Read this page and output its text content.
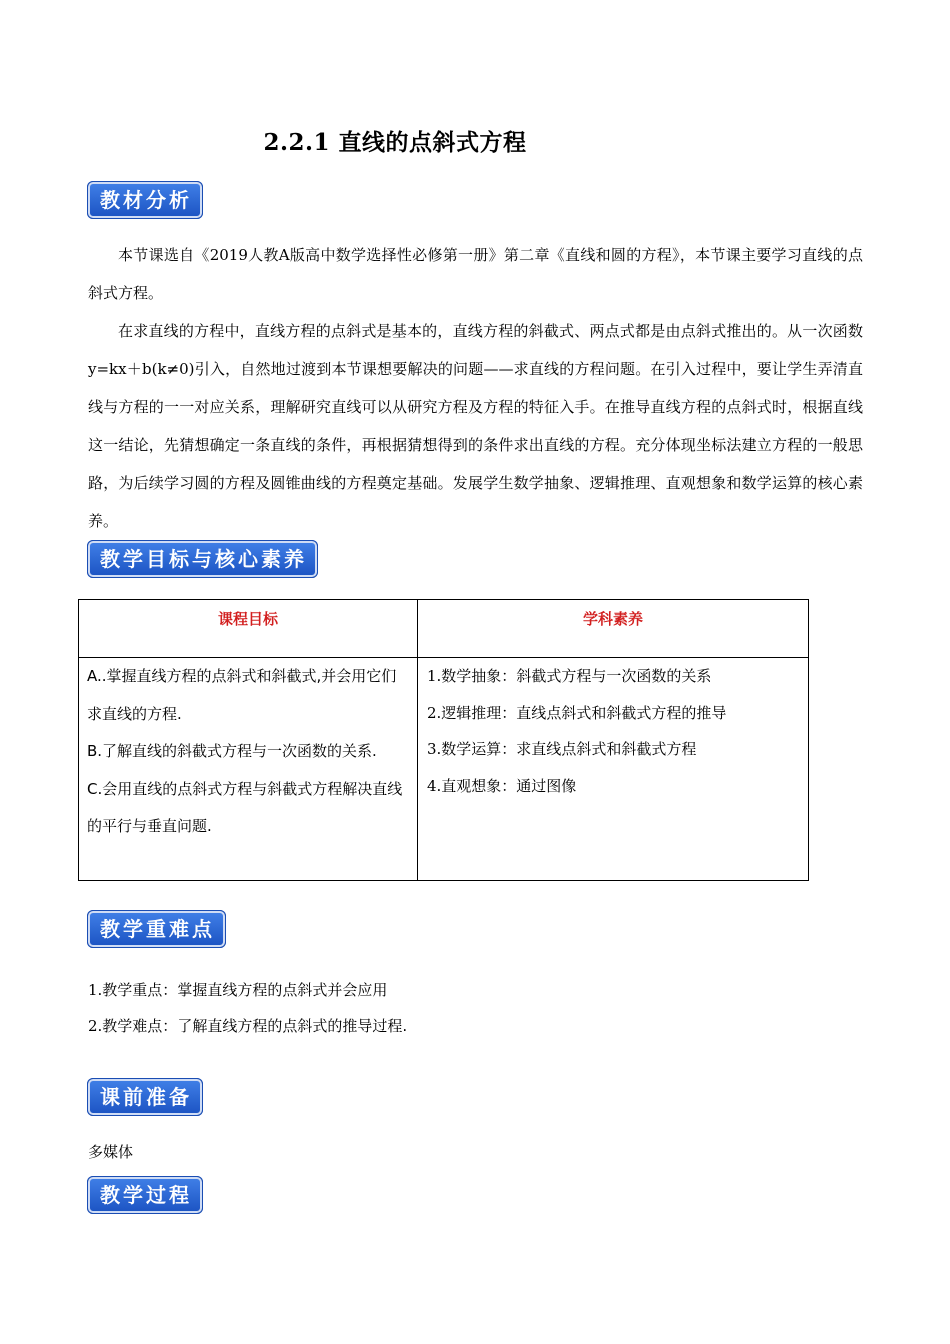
2.2.1 直线的点斜式方程
教材分析

本节课选自《2019人教A版高中数学选择性必修第一册》第二章《直线和圆的方程》，本节课主要学习直线的点斜式方程。

在求直线的方程中，直线方程的点斜式是基本的，直线方程的斜截式、两点式都是由点斜式推出的。从一次函数y=kx＋b(k≠0)引入，自然地过渡到本节课想要解决的问题——求直线的方程问题。在引入过程中，要让学生弄清直线与方程的一一对应关系，理解研究直线可以从研究方程及方程的特征入手。在推导直线方程的点斜式时，根据直线这一结论，先猜想确定一条直线的条件，再根据猜想得到的条件求出直线的方程。充分体现坐标法建立方程的一般思路，为后续学习圆的方程及圆锥曲线的方程奠定基础。发展学生数学抽象、逻辑推理、直观想象和数学运算的核心素养。

教学目标与核心素养
课程目标	学科素养

A..掌握直线方程的点斜式和斜截式,并会用它们求直线的方程.
B.了解直线的斜截式方程与一次函数的关系.
C.会用直线的点斜式方程与斜截式方程解决直线的平行与垂直问题.	1.数学抽象：斜截式方程与一次函数的关系
2.逻辑推理：直线点斜式和斜截式方程的推导
3.数学运算：求直线点斜式和斜截式方程
4.直观想象：通过图像
教学重难点
1.教学重点：掌握直线方程的点斜式并会应用
2.教学难点：了解直线方程的点斜式的推导过程.
课前准备
多媒体
教学过程
